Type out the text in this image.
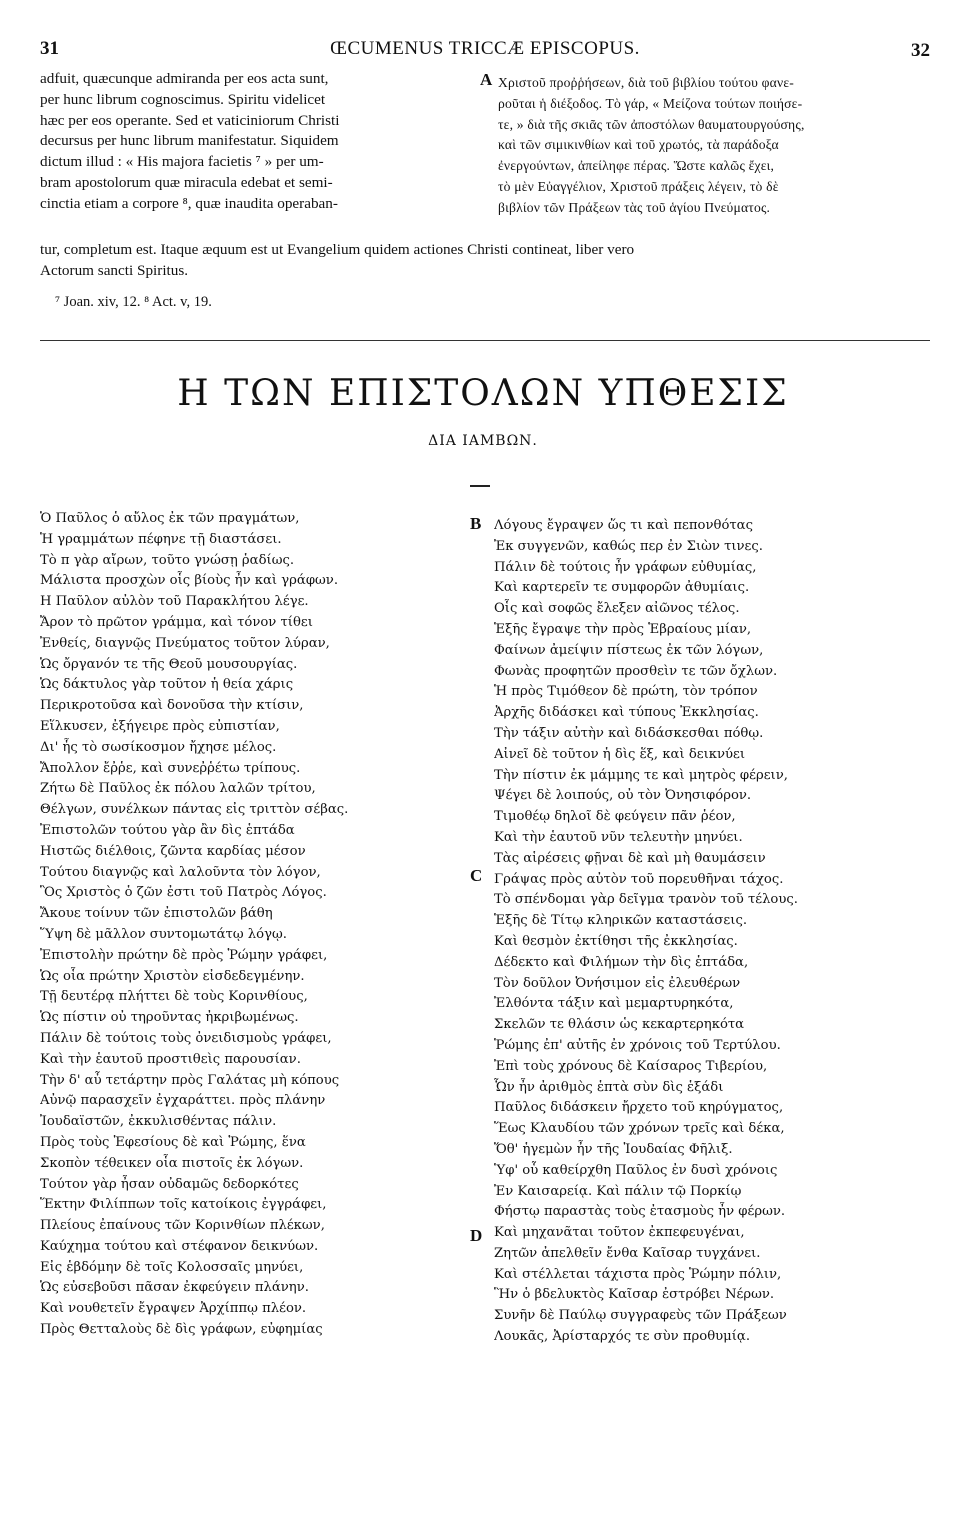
31	ŒCUMENUS TRICCÆ EPISCOPUS.	32
adfuit, quæcunque admiranda per eos acta sunt,
per hunc librum cognoscimus. Spiritu videlicet
hæc per eos operante. Sed et vaticiniorum Christi
decursus per hunc librum manifestatur. Siquidem
dictum illud : « His majora facietis ⁷ » per um-
bram apostolorum quæ miracula edebat et semi-
cinctia etiam a corpore ⁸, quæ inaudita operaban-
A Χριστοῦ προῤῥήσεων, διὰ τοῦ βιβλίου τούτου φανε-
ροῦται ἡ διέξοδος. Τὸ γάρ, « Μείζονα τούτων ποιήσε-
τε, » διὰ τῆς σκιᾶς τῶν ἀποστόλων θαυματουργούσης,
καὶ τῶν σιμικινθίων καὶ τοῦ χρωτός, τὰ παράδοξα
ἐνεργούντων, ἀπείληφε πέρας. Ὥστε καλῶς ἔχει,
τὸ μὲν Εὐαγγέλιον, Χριστοῦ πράξεις λέγειν, τὸ δὲ
βιβλίον τῶν Πράξεων τὰς τοῦ ἁγίου Πνεύματος.
tur, completum est. Itaque æquum est ut Evangelium quidem actiones Christi contineat, liber vero
Actorum sancti Spiritus.
⁷ Joan. xiv, 12. ⁸ Act. v, 19.
Η ΤΩΝ ΕΠΙΣΤΟΛΩΝ ΥΠΘΕΣΙΣ
ΔΙΑ ΙΑΜΒΩΝ.
Ὁ Παῦλος ὁ αὔλος ἐκ τῶν πραγμάτων,
Ἡ γραμμάτων πέφηνε τῇ διαστάσει.
Τὸ π γὰρ αἴρων, τοῦτο γνώσῃ ῥαδίως.
Μάλιστα προσχὼν οἷς βίοὺς ἦν καὶ γράφων.
Η Παῦλον αὐλὸν τοῦ Παρακλήτου λέγε.
Ἄρον τὸ πρῶτον γράμμα, καὶ τόνον τίθει
Ἐνθείς, διαγνῷς Πνεύματος τοῦτον λύραν,
Ὡς ὄργανόν τε τῆς Θεοῦ μουσουργίας.
Ὡς δάκτυλος γὰρ τοῦτον ἡ θεία χάρις
Περικροτοῦσα καὶ δονοῦσα τὴν κτίσιν,
Εἵλκυσεν, ἐξήγειρε πρὸς εὐπιστίαν,
Δι' ἧς τὸ σωσίκοσμον ἤχησε μέλος.
Ἄπολλον ἔῤῥε, καὶ συνεῤῥέτω τρίπους.
Ζήτω δὲ Παῦλος ἐκ πόλου λαλῶν τρίτου,
Θέλγων, συνέλκων πάντας εἰς τριττὸν σέβας.
Ἐπιστολῶν τούτου γὰρ ἂν δὶς ἑπτάδα
Ηιστῶς διέλθοις, ζῶντα καρδίας μέσον
Τούτου διαγνῷς καὶ λαλοῦντα τὸν λόγον,
Ὃς Χριστὸς ὁ ζῶν ἐστι τοῦ Πατρὸς Λόγος.
Ἄκουε τοίνυν τῶν ἐπιστολῶν βάθη
Ὕψη δὲ μᾶλλον συντομωτάτῳ λόγῳ.
Ἐπιστολὴν πρώτην δὲ πρὸς Ῥώμην γράφει,
Ὡς οἷα πρώτην Χριστὸν εἰσδεδεγμένην.
Τῇ δευτέρᾳ πλήττει δὲ τοὺς Κορινθίους,
Ὡς πίστιν οὐ τηροῦντας ἠκριβωμένως.
Πάλιν δὲ τούτοις τοὺς ὀνειδισμοὺς γράφει,
Καὶ τὴν ἑαυτοῦ προστιθεὶς παρουσίαν.
Τὴν δ' αὖ τετάρτην πρὸς Γαλάτας μὴ κόπους
Αὐνῷ παρασχεῖν ἐγχαράττει. πρὸς πλάνην
Ἰουδαϊστῶν, ἐκκυλισθέντας πάλιν.
Πρὸς τοὺς Ἐφεσίους δὲ καὶ Ῥώμης, ἕνα
Σκοπὸν τέθεικεν οἷα πιστοῖς ἐκ λόγων.
Τούτον γὰρ ἦσαν οὐδαμῶς δεδορκότες
Ἕκτην Φιλίππων τοῖς κατοίκοις ἐγγράφει,
Πλείους ἐπαίνους τῶν Κορινθίων πλέκων,
Καύχημα τούτου καὶ στέφανον δεικνύων.
Εἰς ἑβδόμην δὲ τοῖς Κολοσσαῖς μηνύει,
Ὡς εὐσεβοῦσι πᾶσαν ἐκφεύγειν πλάνην.
Καὶ νουθετεῖν ἔγραψεν Ἀρχίππῳ πλέον.
Πρὸς Θετταλοὺς δὲ δὶς γράφων, εὐφημίας
Λόγους ἔγραψεν ὥς τι καὶ πεπονθότας
Ἐκ συγγενῶν, καθώς περ ἐν Σιὼν τινες.
Πάλιν δὲ τούτοις ἦν γράφων εὐθυμίας,
Καὶ καρτερεῖν τε συμφορῶν ἀθυμίαις.
Οἷς καὶ σοφῶς ἔλεξεν αἰῶνος τέλος.
Ἑξῆς ἔγραψε τὴν πρὸς Ἑβραίους μίαν,
Φαίνων ἀμείψιν πίστεως ἐκ τῶν λόγων,
Φωνὰς προφητῶν προσθεὶν τε τῶν ὄχλων.
Ἡ πρὸς Τιμόθεον δὲ πρώτη, τὸν τρόπον
Ἀρχῆς διδάσκει καὶ τύπους Ἐκκλησίας.
Τὴν τάξιν αὐτὴν καὶ διδάσκεσθαι πόθῳ.
Αἰνεῖ δὲ τοῦτον ἡ δὶς ἕξ, καὶ δεικνύει
Τὴν πίστιν ἐκ μάμμης τε καὶ μητρὸς φέρειν,
Ψέγει δὲ λοιπούς, οὐ τὸν Ὀνησιφόρον.
Τιμοθέῳ δηλοῖ δὲ φεύγειν πᾶν ῥέον,
Καὶ τὴν ἑαυτοῦ νῦν τελευτὴν μηνύει.
Τὰς αἱρέσεις φῇναι δὲ καὶ μὴ θαυμάσειν
Γράψας πρὸς αὐτὸν τοῦ πορευθῆναι τάχος.
Τὸ σπένδομαι γὰρ δεῖγμα τρανὸν τοῦ τέλους.
Ἑξῆς δὲ Τίτῳ κληρικῶν καταστάσεις.
Καὶ θεσμὸν ἐκτίθησι τῆς ἐκκλησίας.
Δέδεκτο καὶ Φιλήμων τὴν δὶς ἑπτάδα,
Τὸν δοῦλον Ὀνήσιμον εἰς ἐλευθέρων
Ἐλθόντα τάξιν καὶ μεμαρτυρηκότα,
Σκελῶν τε θλάσιν ὡς κεκαρτερηκότα
Ῥώμης ἐπ' αὐτῆς ἐν χρόνοις τοῦ Τερτύλου.
Ἐπὶ τοὺς χρόνους δὲ Καίσαρος Τιβερίου,
Ὧν ἦν ἀριθμὸς ἑπτὰ σὺν δὶς ἑξάδι
Παῦλος διδάσκειν ἤρχετο τοῦ κηρύγματος,
Ἕως Κλαυδίου τῶν χρόνων τρεῖς καὶ δέκα,
Ὅθ' ἡγεμὼν ἦν τῆς Ἰουδαίας Φῆλιξ.
Ὑφ' οὗ καθείρχθη Παῦλος ἐν δυσὶ χρόνοις
Ἐν Καισαρείᾳ. Καὶ πάλιν τῷ Πορκίῳ
Φήστῳ παραστὰς τοὺς ἐτασμοὺς ἦν φέρων.
Καὶ μηχανᾶται τοῦτον ἐκπεφευγέναι,
Ζητῶν ἀπελθεῖν ἔνθα Καῖσαρ τυγχάνει.
Καὶ στέλλεται τάχιστα πρὸς Ῥώμην πόλιν,
Ἣν ὁ βδελυκτὸς Καῖσαρ ἐστρόβει Νέρων.
Συνῆν δὲ Παύλῳ συγγραφεὺς τῶν Πράξεων
Λουκᾶς, Ἀρίσταρχός τε σὺν προθυμίᾳ.
B
C
D
